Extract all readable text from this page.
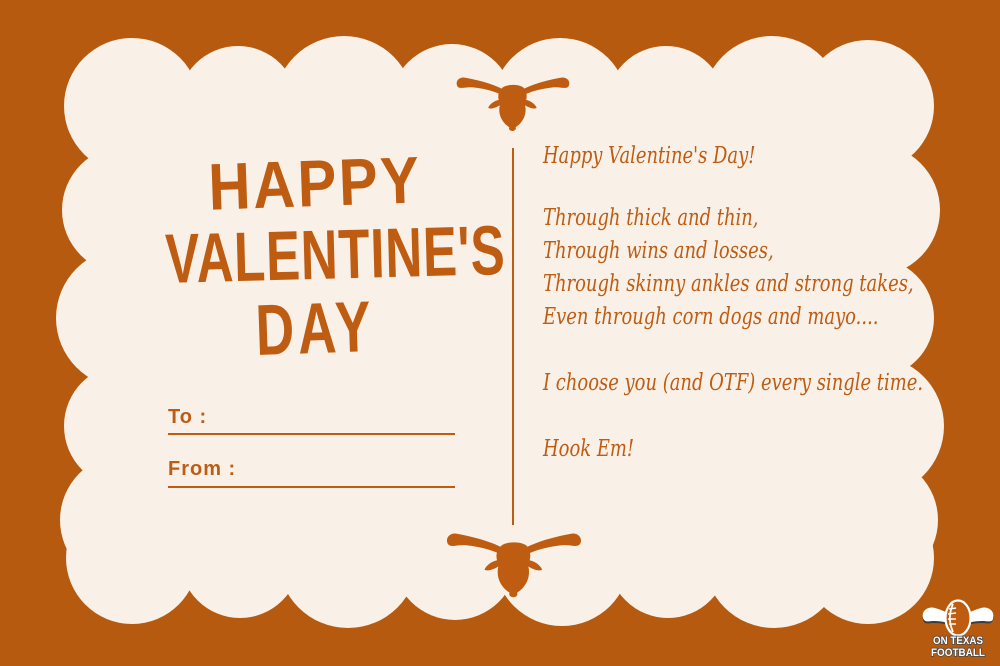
HAPPY
VALENTINE'S
DAY
To :
From :
Happy Valentine's Day!
Through thick and thin,
Through wins and losses,
Through skinny ankles and strong takes,
Even through corn dogs and mayo....
I choose you (and OTF) every single time.
Hook Em!
ON TEXAS
FOOTBALL
